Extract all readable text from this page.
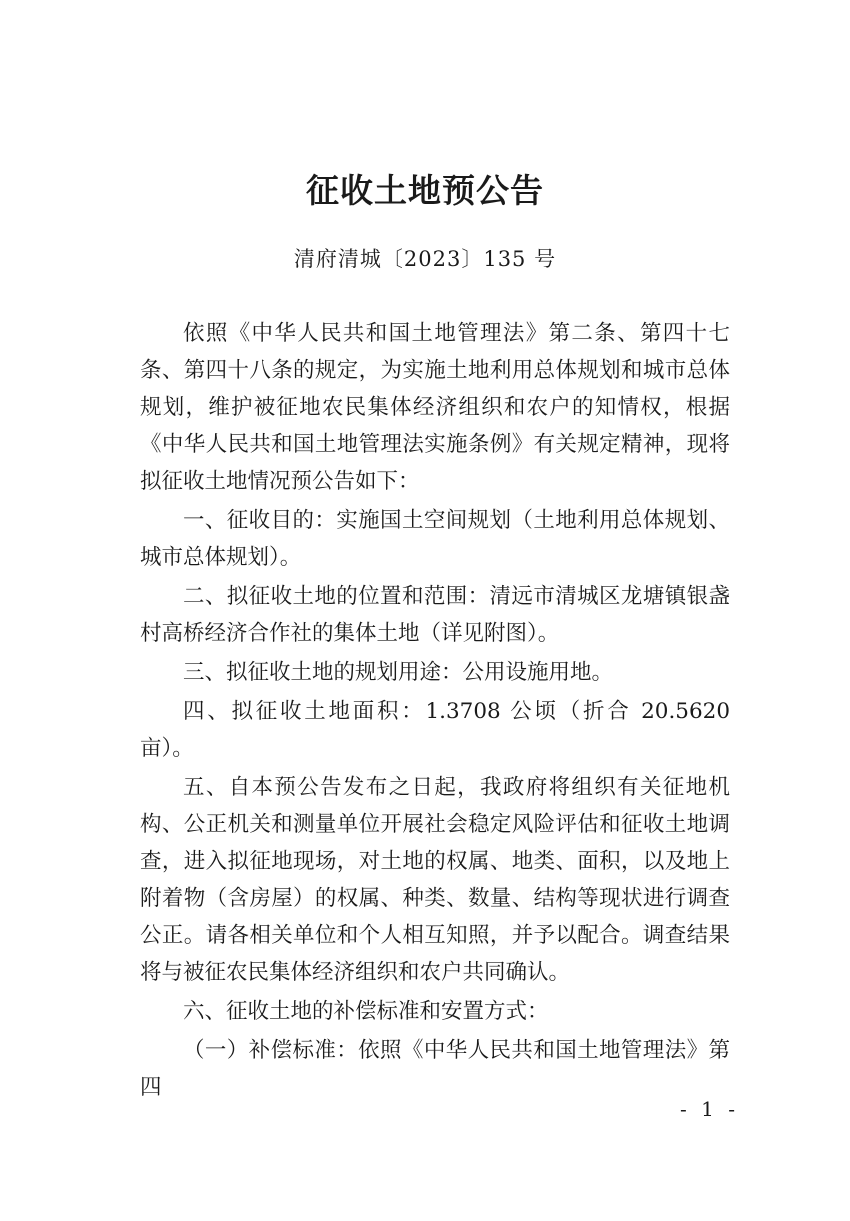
征收土地预公告
清府清城〔2023〕135 号

依照《中华人民共和国土地管理法》第二条、第四十七条、第四十八条的规定，为实施土地利用总体规划和城市总体规划，维护被征地农民集体经济组织和农户的知情权，根据《中华人民共和国土地管理法实施条例》有关规定精神，现将拟征收土地情况预公告如下：

一、征收目的：实施国土空间规划（土地利用总体规划、城市总体规划）。

二、拟征收土地的位置和范围：清远市清城区龙塘镇银盏村高桥经济合作社的集体土地（详见附图）。

三、拟征收土地的规划用途：公用设施用地。

四、拟征收土地面积：1.3708 公顷（折合 20.5620 亩）。

五、自本预公告发布之日起，我政府将组织有关征地机构、公正机关和测量单位开展社会稳定风险评估和征收土地调查，进入拟征地现场，对土地的权属、地类、面积，以及地上附着物（含房屋）的权属、种类、数量、结构等现状进行调查公正。请各相关单位和个人相互知照，并予以配合。调查结果将与被征农民集体经济组织和农户共同确认。

六、征收土地的补偿标准和安置方式：

（一）补偿标准：依照《中华人民共和国土地管理法》第四

- 1 -
